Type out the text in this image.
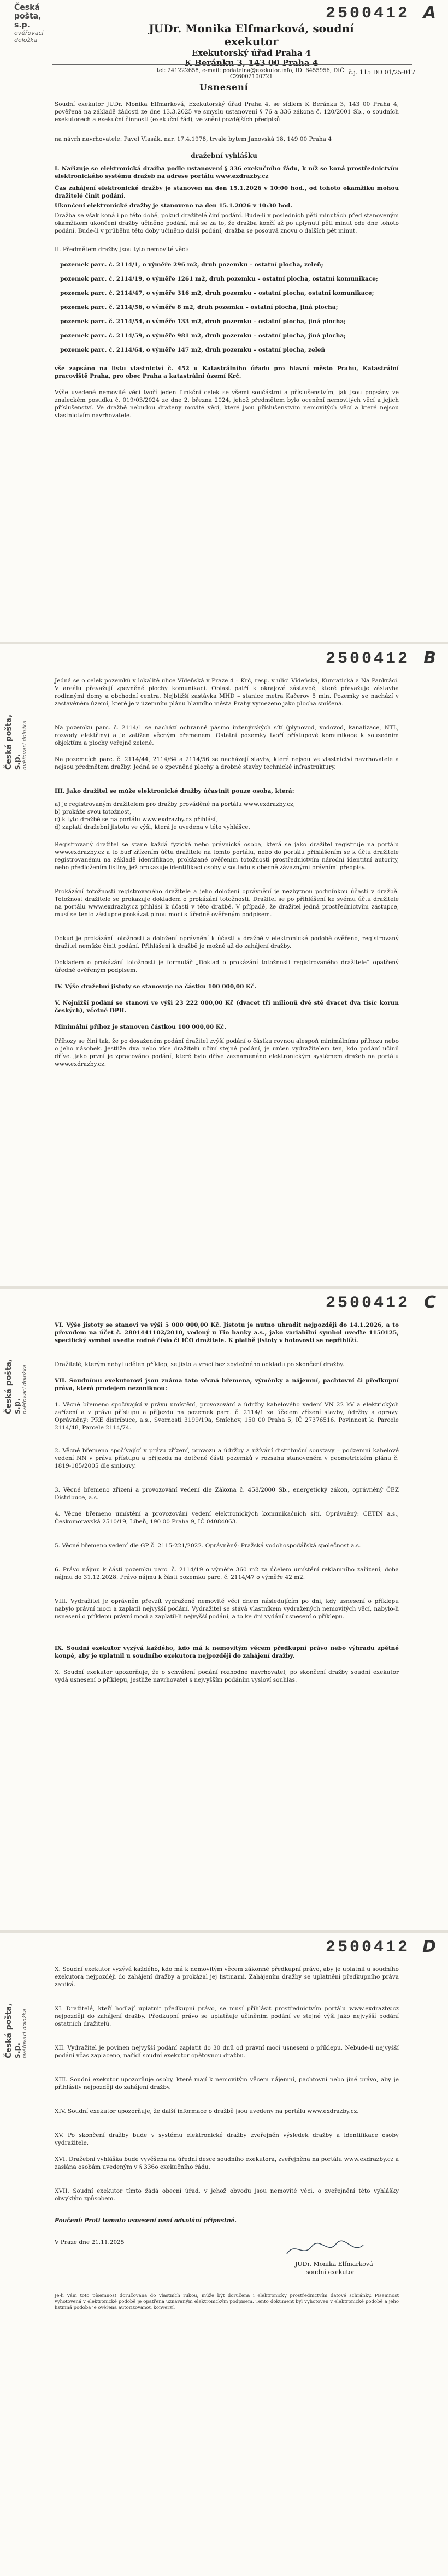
Česká pošta, s.p.
ověřovací doložka
2500412 A
JUDr. Monika Elfmarková, soudní exekutor
Exekutorský úřad Praha 4
K Beránku 3, 143 00 Praha 4
tel: 241222658, e-mail: podatelna@exekutor.info, ID: 6455956, DIČ: CZ6002100721
č.j. 115 DD 01/25-017
Usnesení
Soudní exekutor JUDr. Monika Elfmarková, Exekutorský úřad Praha 4, se sídlem K Beránku 3, 143 00 Praha 4, pověřená na základě žádosti ze dne 13.3.2025 ve smyslu ustanovení § 76 a 336 zákona č. 120/2001 Sb., o soudních exekutorech a exekuční činnosti (exekuční řád), ve znění pozdějších předpisů
na návrh navrhovatele: Pavel Vlasák, nar. 17.4.1978, trvale bytem Janovská 18, 149 00 Praha 4
dražební vyhlášku
I. Nařizuje se elektronická dražba podle ustanovení § 336 exekučního řádu, k níž se koná prostřednictvím elektronického systému dražeb na adrese portálu www.exdrazby.cz
Čas zahájení elektronické dražby je stanoven na den 15.1.2026 v 10:00 hod., od tohoto okamžiku mohou dražitelé činit podání.
Ukončení elektronické dražby je stanoveno na den 15.1.2026 v 10:30 hod.
Dražba se však koná i po této době, pokud dražitelé činí podání. Bude-li v posledních pěti minutách před stanoveným okamžikem ukončení dražby učiněno podání, má se za to, že dražba končí až po uplynutí pěti minut ode dne tohoto podání. Bude-li v průběhu této doby učiněno další podání, dražba se posouvá znovu o dalších pět minut.
II. Předmětem dražby jsou tyto nemovité věci:
pozemek parc. č. 2114/1, o výměře 296 m2, druh pozemku – ostatní plocha, zeleň;
pozemek parc. č. 2114/19, o výměře 1261 m2, druh pozemku – ostatní plocha, ostatní komunikace;
pozemek parc. č. 2114/47, o výměře 316 m2, druh pozemku – ostatní plocha, ostatní komunikace;
pozemek parc. č. 2114/56, o výměře 8 m2, druh pozemku – ostatní plocha, jiná plocha;
pozemek parc. č. 2114/54, o výměře 133 m2, druh pozemku – ostatní plocha, jiná plocha;
pozemek parc. č. 2114/59, o výměře 981 m2, druh pozemku – ostatní plocha, jiná plocha;
pozemek parc. č. 2114/64, o výměře 147 m2, druh pozemku – ostatní plocha, zeleň
vše zapsáno na listu vlastnictví č. 452 u Katastrálního úřadu pro hlavní město Prahu, Katastrální pracoviště Praha, pro obec Praha a katastrální území Krč.
Výše uvedené nemovité věci tvoří jeden funkční celek se všemi součástmi a příslušenstvím, jak jsou popsány ve znaleckém posudku č. 019/03/2024 ze dne 2. března 2024, jehož předmětem bylo ocenění nemovitých věcí a jejich příslušenství. Ve dražbě nebudou draženy movité věci, které jsou příslušenstvím nemovitých věcí a které nejsou vlastnictvím navrhovatele.
Česká pošta, s.p. ověřovací doložka
2500412 B
Jedná se o celek pozemků v lokalitě ulice Vídeňská v Praze 4 – Krč, resp. v ulici Vídeňská, Kunratická a Na Pankráci. V areálu převažují zpevněné plochy komunikací. Oblast patří k okrajové zástavbě, které převažuje zástavba rodinnými domy a obchodní centra. Nejbližší zastávka MHD – stanice metra Kačerov 5 min. Pozemky se nachází v zastavěném území, které je v územním plánu hlavního města Prahy vymezeno jako plocha smíšená.
Na pozemku parc. č. 2114/1 se nachází ochranné pásmo inženýrských sítí (plynovod, vodovod, kanalizace, NTL, rozvody elektřiny) a je zatížen věcným břemenem. Ostatní pozemky tvoří přístupové komunikace k sousedním objektům a plochy veřejné zeleně.
Na pozemcích parc. č. 2114/44, 2114/64 a 2114/56 se nacházejí stavby, které nejsou ve vlastnictví navrhovatele a nejsou předmětem dražby. Jedná se o zpevněné plochy a drobné stavby technické infrastruktury.
III. Jako dražitel se může elektronické dražby účastnit pouze osoba, která:
a) je registrovaným dražitelem pro dražby prováděné na portálu www.exdrazby.cz,
b) prokáže svou totožnost,
c) k tyto dražbě se na portálu www.exdrazby.cz přihlásí,
d) zaplatí dražební jistotu ve výši, která je uvedena v této vyhlášce.
Registrovaný dražitel se stane každá fyzická nebo právnická osoba, která se jako dražitel registruje na portálu www.exdrazby.cz a to buď zřízením účtu dražitele na tomto portálu, nebo do portálu přihlášením se k účtu dražitele registrovanému na základě identifikace, prokázané ověřením totožnosti prostřednictvím národní identitní autority, nebo předložením listiny, jež prokazuje identifikaci osoby v souladu s obecně závaznými právními předpisy.
Prokázání totožnosti registrovaného dražitele a jeho doložení oprávnění je nezbytnou podmínkou účasti v dražbě. Totožnost dražitele se prokazuje dokladem o prokázání totožnosti. Dražitel se po přihlášení ke svému účtu dražitele na portálu www.exdrazby.cz přihlásí k účasti v této dražbě. V případě, že dražitel jedná prostřednictvím zástupce, musí se tento zástupce prokázat plnou mocí s úředně ověřeným podpisem.
Dokud je prokázání totožnosti a doložení oprávnění k účasti v dražbě v elektronické podobě ověřeno, registrovaný dražitel nemůže činit podání. Přihlášení k dražbě je možné až do zahájení dražby.
Dokladem o prokázání totožnosti je formulář „Doklad o prokázání totožnosti registrovaného dražitele“ opatřený úředně ověřeným podpisem.
IV. Výše dražební jistoty se stanovuje na částku 100 000,00 Kč.
V. Nejnižší podání se stanoví ve výši 23 222 000,00 Kč (dvacet tři milionů dvě stě dvacet dva tisíc korun českých), včetně DPH.
Minimální příhoz je stanoven částkou 100 000,00 Kč.
Příhozy se činí tak, že po dosaženém podání dražitel zvýší podání o částku rovnou alespoň minimálnímu příhozu nebo o jeho násobek. Jestliže dva nebo více dražitelů učiní stejné podání, je určen vydražitelem ten, kdo podání učinil dříve. Jako první je zpracováno podání, které bylo dříve zaznamenáno elektronickým systémem dražeb na portálu www.exdrazby.cz.
Česká pošta, s.p. ověřovací doložka
2500412 C
VI. Výše jistoty se stanoví ve výši 5 000 000,00 Kč. Jistotu je nutno uhradit nejpozději do 14.1.2026, a to převodem na účet č. 2801441102/2010, vedený u Fio banky a.s., jako variabilní symbol uveďte 1150125, specifický symbol uveďte rodné číslo či IČO dražitele. K platbě jistoty v hotovosti se nepřihlíží.
Dražitelé, kterým nebyl udělen příklep, se jistota vrací bez zbytečného odkladu po skončení dražby.
VII. Soudnímu exekutorovi jsou známa tato věcná břemena, výměnky a nájemní, pachtovní či předkupní práva, která prodejem nezaniknou:
1. Věcné břemeno spočívající v právu umístění, provozování a údržby kabelového vedení VN 22 kV a elektrických zařízení a v právu přístupu a příjezdu na pozemek parc. č. 2114/1 za účelem zřízení stavby, údržby a opravy. Oprávněný: PRE distribuce, a.s., Svornosti 3199/19a, Smíchov, 150 00 Praha 5, IČ 27376516. Povinnost k: Parcele 2114/48, Parcele 2114/74.
2. Věcné břemeno spočívající v právu zřízení, provozu a údržby a užívání distribuční soustavy – podzemní kabelové vedení NN v právu přístupu a příjezdu na dotčené části pozemků v rozsahu stanoveném v geometrickém plánu č. 1819-185/2005 dle smlouvy.
3. Věcné břemeno zřízení a provozování vedení dle Zákona č. 458/2000 Sb., energetický zákon, oprávněný ČEZ Distribuce, a.s.
4. Věcné břemeno umístění a provozování vedení elektronických komunikačních sítí. Oprávněný: CETIN a.s., Českomoravská 2510/19, Libeň, 190 00 Praha 9, IČ 04084063.
5. Věcné břemeno vedení dle GP č. 2115-221/2022. Oprávněný: Pražská vodohospodářská společnost a.s.
6. Právo nájmu k části pozemku parc. č. 2114/19 o výměře 360 m2 za účelem umístění reklamního zařízení, doba nájmu do 31.12.2028. Právo nájmu k části pozemku parc. č. 2114/47 o výměře 42 m2.
VIII. Vydražitel je oprávněn převzít vydražené nemovité věci dnem následujícím po dni, kdy usnesení o příklepu nabylo právní moci a zaplatil nejvyšší podání. Vydražitel se stává vlastníkem vydražených nemovitých věcí, nabylo-li usnesení o příklepu právní moci a zaplatil-li nejvyšší podání, a to ke dni vydání usnesení o příklepu.
IX. Soudní exekutor vyzývá každého, kdo má k nemovitým věcem předkupní právo nebo výhradu zpětné koupě, aby je uplatnil u soudního exekutora nejpozději do zahájení dražby.
X. Soudní exekutor upozorňuje, že o schválení podání rozhodne navrhovatel; po skončení dražby soudní exekutor vydá usnesení o příklepu, jestliže navrhovatel s nejvyšším podáním vysloví souhlas.
Česká pošta, s.p. ověřovací doložka
2500412 D
X. Soudní exekutor vyzývá každého, kdo má k nemovitým věcem zákonné předkupní právo, aby je uplatnil u soudního exekutora nejpozději do zahájení dražby a prokázal jej listinami. Zahájením dražby se uplatnění předkupního práva zaniká.
XI. Dražitelé, kteří hodlají uplatnit předkupní právo, se musí přihlásit prostřednictvím portálu www.exdrazby.cz nejpozději do zahájení dražby. Předkupní právo se uplatňuje učiněním podání ve stejné výši jako nejvyšší podání ostatních dražitelů.
XII. Vydražitel je povinen nejvyšší podání zaplatit do 30 dnů od právní moci usnesení o příklepu. Nebude-li nejvyšší podání včas zaplaceno, nařídí soudní exekutor opětovnou dražbu.
XIII. Soudní exekutor upozorňuje osoby, které mají k nemovitým věcem nájemní, pachtovní nebo jiné právo, aby je přihlásily nejpozději do zahájení dražby.
XIV. Soudní exekutor upozorňuje, že další informace o dražbě jsou uvedeny na portálu www.exdrazby.cz.
XV. Po skončení dražby bude v systému elektronické dražby zveřejněn výsledek dražby a identifikace osoby vydražitele.
XVI. Dražební vyhláška bude vyvěšena na úřední desce soudního exekutora, zveřejněna na portálu www.exdrazby.cz a zaslána osobám uvedeným v § 336o exekučního řádu.
XVII. Soudní exekutor tímto žádá obecní úřad, v jehož obvodu jsou nemovité věci, o zveřejnění této vyhlášky obvyklým způsobem.
Poučení: Proti tomuto usnesení není odvolání přípustné.
V Praze dne 21.11.2025
JUDr. Monika Elfmarková
soudní exekutor
Je-li Vám toto písemnost doručována do vlastních rukou, může být doručena i elektronicky prostřednictvím datové schránky. Písemnost vyhotovená v elektronické podobě je opatřena uznávaným elektronickým podpisem. Tento dokument byl vyhotoven v elektronické podobě a jeho listinná podoba je ověřena autorizovanou konverzí.
